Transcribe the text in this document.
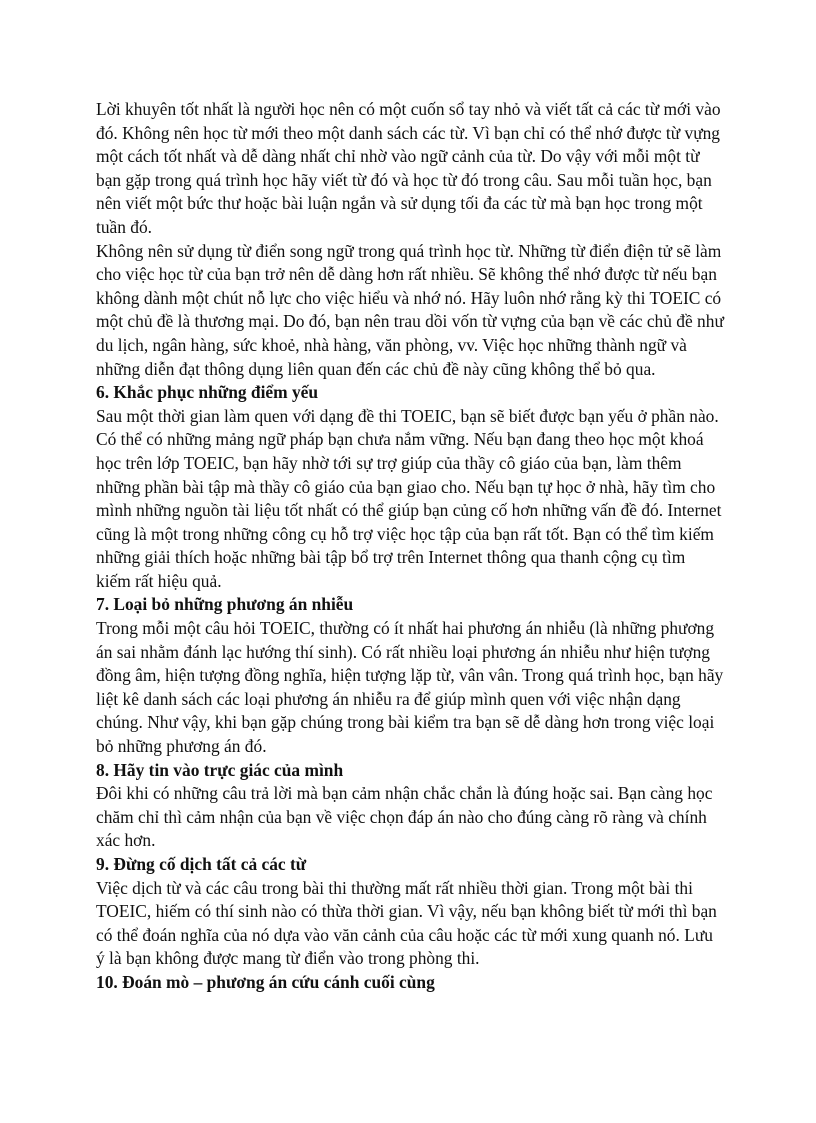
Lời khuyên tốt nhất là người học nên có một cuốn sổ tay nhỏ và viết tất cả các từ mới vào đó. Không nên học từ mới theo một danh sách các từ. Vì bạn chỉ có thể nhớ được từ vựng một cách tốt nhất và dễ dàng nhất chỉ nhờ vào ngữ cảnh của từ. Do vậy với mỗi một từ bạn gặp trong quá trình học hãy viết từ đó và học từ đó trong câu. Sau mỗi tuần học, bạn nên viết một bức thư hoặc bài luận ngắn và sử dụng tối đa các từ mà bạn học trong một tuần đó.

Không nên sử dụng từ điển song ngữ trong quá trình học từ. Những từ điển điện tử sẽ làm cho việc học từ của bạn trở nên dễ dàng hơn rất nhiều. Sẽ không thể nhớ được từ nếu bạn không dành một chút nỗ lực cho việc hiểu và nhớ nó. Hãy luôn nhớ rằng kỳ thi TOEIC có một chủ đề là thương mại. Do đó, bạn nên trau dồi vốn từ vựng của bạn về các chủ đề như du lịch, ngân hàng, sức khoẻ, nhà hàng, văn phòng, vv. Việc học những thành ngữ và những diễn đạt thông dụng liên quan đến các chủ đề này cũng không thể bỏ qua.

6. Khắc phục những điểm yếu

Sau một thời gian làm quen với dạng đề thi TOEIC, bạn sẽ biết được bạn yếu ở phần nào. Có thể có những mảng ngữ pháp bạn chưa nắm vững. Nếu bạn đang theo học một khoá học trên lớp TOEIC, bạn hãy nhờ tới sự trợ giúp của thầy cô giáo của bạn, làm thêm những phần bài tập mà thầy cô giáo của bạn giao cho. Nếu bạn tự học ở nhà, hãy tìm cho mình những nguồn tài liệu tốt nhất có thể giúp bạn củng cố hơn những vấn đề đó. Internet cũng là một trong những công cụ hỗ trợ việc học tập của bạn rất tốt. Bạn có thể tìm kiếm những giải thích hoặc những bài tập bổ trợ trên Internet thông qua thanh cộng cụ tìm kiếm rất hiệu quả.

7. Loại bỏ những phương án nhiễu

Trong mỗi một câu hỏi TOEIC, thường có ít nhất hai phương án nhiễu (là những phương án sai nhằm đánh lạc hướng thí sinh). Có rất nhiều loại phương án nhiễu như hiện tượng đồng âm, hiện tượng đồng nghĩa, hiện tượng lặp từ, vân vân. Trong quá trình học, bạn hãy liệt kê danh sách các loại phương án nhiễu ra để giúp mình quen với việc nhận dạng chúng. Như vậy, khi bạn gặp chúng trong bài kiểm tra bạn sẽ dễ dàng hơn trong việc loại bỏ những phương án đó.

8. Hãy tin vào trực giác của mình

Đôi khi có những câu trả lời mà bạn cảm nhận chắc chắn là đúng hoặc sai. Bạn càng học chăm chỉ thì cảm nhận của bạn về việc chọn đáp án nào cho đúng càng rõ ràng và chính xác hơn.

9. Đừng cố dịch tất cả các từ

Việc dịch từ và các câu trong bài thi thường mất rất nhiều thời gian. Trong một bài thi TOEIC, hiếm có thí sinh nào có thừa thời gian. Vì vậy, nếu bạn không biết từ mới thì bạn có thể đoán nghĩa của nó dựa vào văn cảnh của câu hoặc các từ mới xung quanh nó. Lưu ý là bạn không được mang từ điển vào trong phòng thi.

10. Đoán mò – phương án cứu cánh cuối cùng
